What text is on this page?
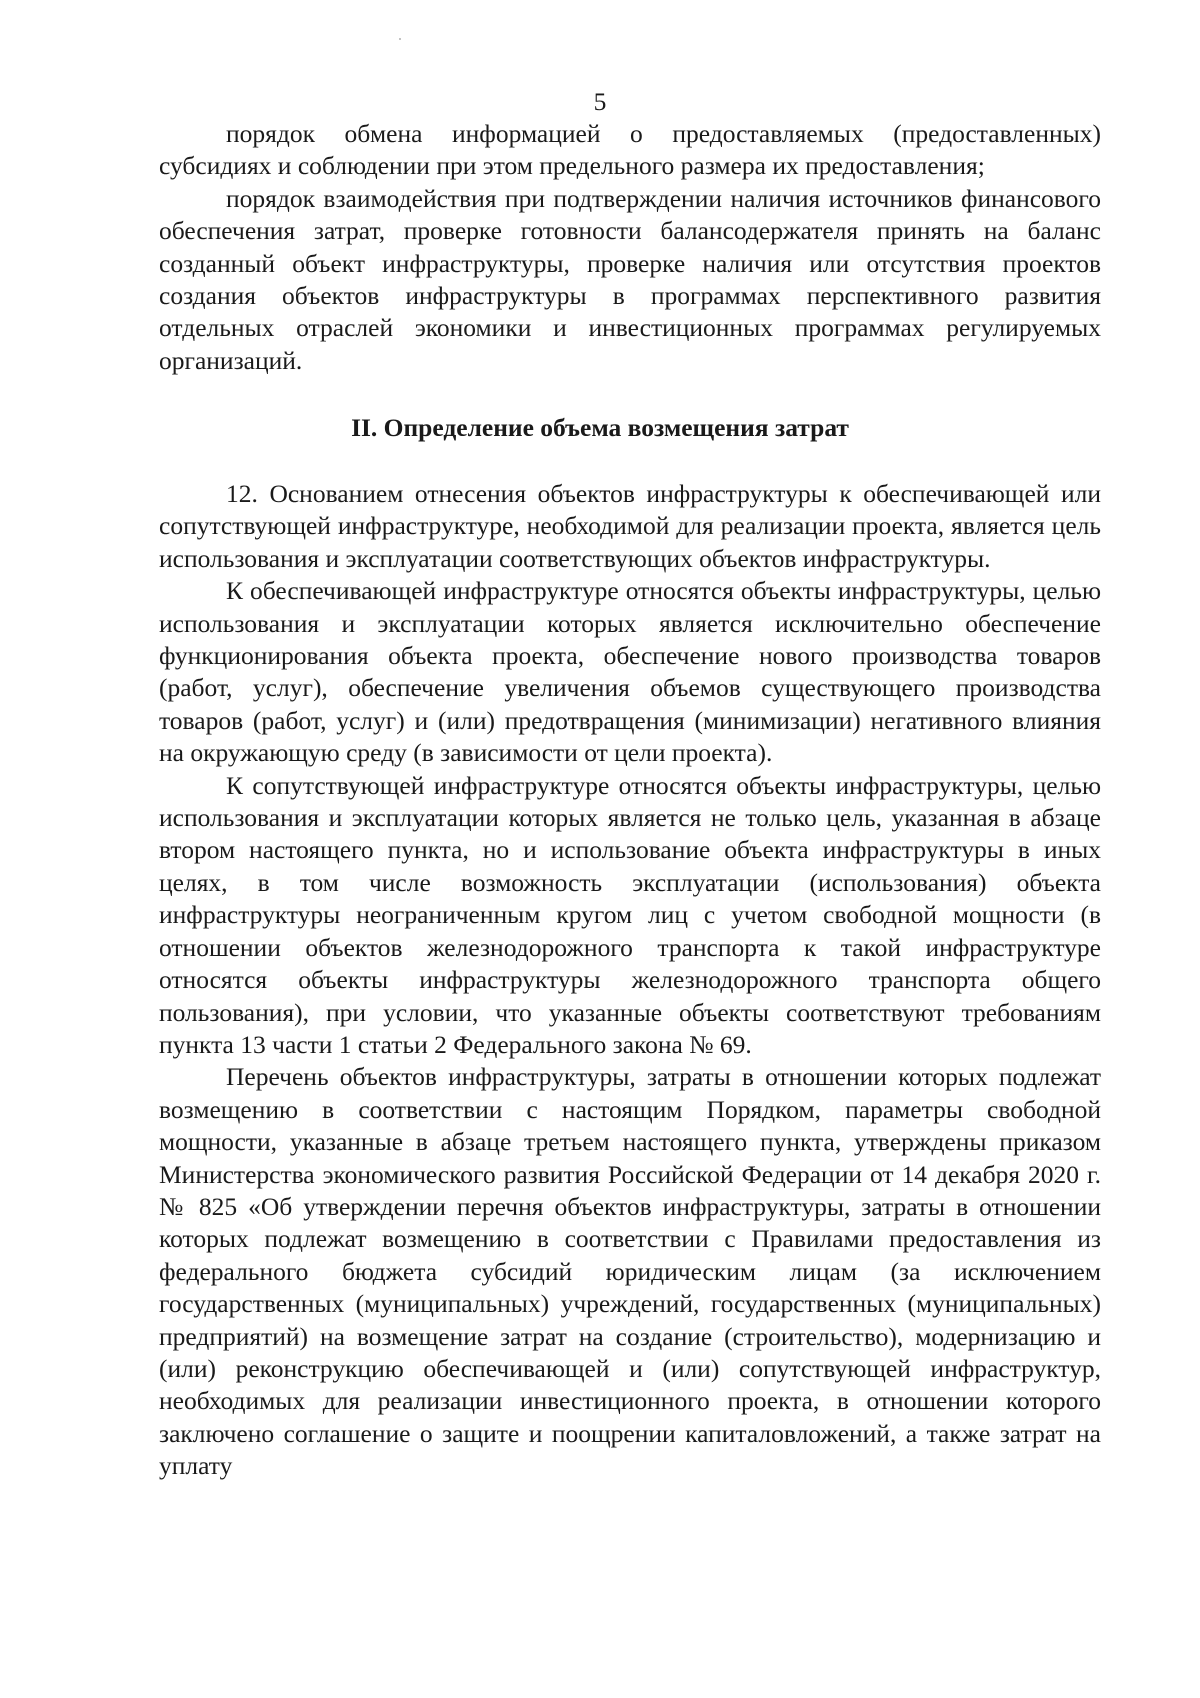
5

порядок обмена информацией о предоставляемых (предоставленных) субсидиях и соблюдении при этом предельного размера их предоставления;

порядок взаимодействия при подтверждении наличия источников финансового обеспечения затрат, проверке готовности балансодержателя принять на баланс созданный объект инфраструктуры, проверке наличия или отсутствия проектов создания объектов инфраструктуры в программах перспективного развития отдельных отраслей экономики и инвестиционных программах регулируемых организаций.

II. Определение объема возмещения затрат

12. Основанием отнесения объектов инфраструктуры к обеспечивающей или сопутствующей инфраструктуре, необходимой для реализации проекта, является цель использования и эксплуатации соответствующих объектов инфраструктуры.

К обеспечивающей инфраструктуре относятся объекты инфраструктуры, целью использования и эксплуатации которых является исключительно обеспечение функционирования объекта проекта, обеспечение нового производства товаров (работ, услуг), обеспечение увеличения объемов существующего производства товаров (работ, услуг) и (или) предотвращения (минимизации) негативного влияния на окружающую среду (в зависимости от цели проекта).

К сопутствующей инфраструктуре относятся объекты инфраструктуры, целью использования и эксплуатации которых является не только цель, указанная в абзаце втором настоящего пункта, но и использование объекта инфраструктуры в иных целях, в том числе возможность эксплуатации (использования) объекта инфраструктуры неограниченным кругом лиц с учетом свободной мощности (в отношении объектов железнодорожного транспорта к такой инфраструктуре относятся объекты инфраструктуры железнодорожного транспорта общего пользования), при условии, что указанные объекты соответствуют требованиям пункта 13 части 1 статьи 2 Федерального закона № 69.

Перечень объектов инфраструктуры, затраты в отношении которых подлежат возмещению в соответствии с настоящим Порядком, параметры свободной мощности, указанные в абзаце третьем настоящего пункта, утверждены приказом Министерства экономического развития Российской Федерации от 14 декабря 2020 г. № 825 «Об утверждении перечня объектов инфраструктуры, затраты в отношении которых подлежат возмещению в соответствии с Правилами предоставления из федерального бюджета субсидий юридическим лицам (за исключением государственных (муниципальных) учреждений, государственных (муниципальных) предприятий) на возмещение затрат на создание (строительство), модернизацию и (или) реконструкцию обеспечивающей и (или) сопутствующей инфраструктур, необходимых для реализации инвестиционного проекта, в отношении которого заключено соглашение о защите и поощрении капиталовложений, а также затрат на уплату
